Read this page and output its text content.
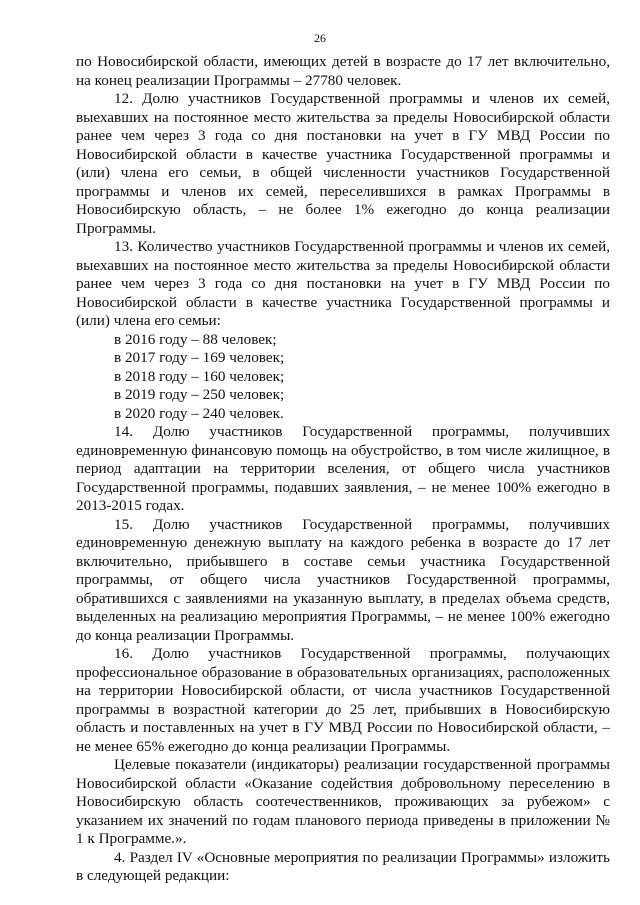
26

по Новосибирской области, имеющих детей в возрасте до 17 лет включительно, на конец реализации Программы – 27780 человек.

12. Долю участников Государственной программы и членов их семей, выехавших на постоянное место жительства за пределы Новосибирской области ранее чем через 3 года со дня постановки на учет в ГУ МВД России по Новосибирской области в качестве участника Государственной программы и (или) члена его семьи, в общей численности участников Государственной программы и членов их семей, переселившихся в рамках Программы в Новосибирскую область, – не более 1% ежегодно до конца реализации Программы.

13. Количество участников Государственной программы и членов их семей, выехавших на постоянное место жительства за пределы Новосибирской области ранее чем через 3 года со дня постановки на учет в ГУ МВД России по Новосибирской области в качестве участника Государственной программы и (или) члена его семьи:

в 2016 году – 88 человек;

в 2017 году – 169 человек;

в 2018 году – 160 человек;

в 2019 году – 250 человек;

в 2020 году – 240 человек.

14. Долю участников Государственной программы, получивших единовременную финансовую помощь на обустройство, в том числе жилищное, в период адаптации на территории вселения, от общего числа участников Государственной программы, подавших заявления, – не менее 100% ежегодно в 2013-2015 годах.

15. Долю участников Государственной программы, получивших единовременную денежную выплату на каждого ребенка в возрасте до 17 лет включительно, прибывшего в составе семьи участника Государственной программы, от общего числа участников Государственной программы, обратившихся с заявлениями на указанную выплату, в пределах объема средств, выделенных на реализацию мероприятия Программы, – не менее 100% ежегодно до конца реализации Программы.

16. Долю участников Государственной программы, получающих профессиональное образование в образовательных организациях, расположенных на территории Новосибирской области, от числа участников Государственной программы в возрастной категории до 25 лет, прибывших в Новосибирскую область и поставленных на учет в ГУ МВД России по Новосибирской области, – не менее 65% ежегодно до конца реализации Программы.

Целевые показатели (индикаторы) реализации государственной программы Новосибирской области «Оказание содействия добровольному переселению в Новосибирскую область соотечественников, проживающих за рубежом» с указанием их значений по годам планового периода приведены в приложении № 1 к Программе.».

4. Раздел IV «Основные мероприятия по реализации Программы» изложить в следующей редакции:
